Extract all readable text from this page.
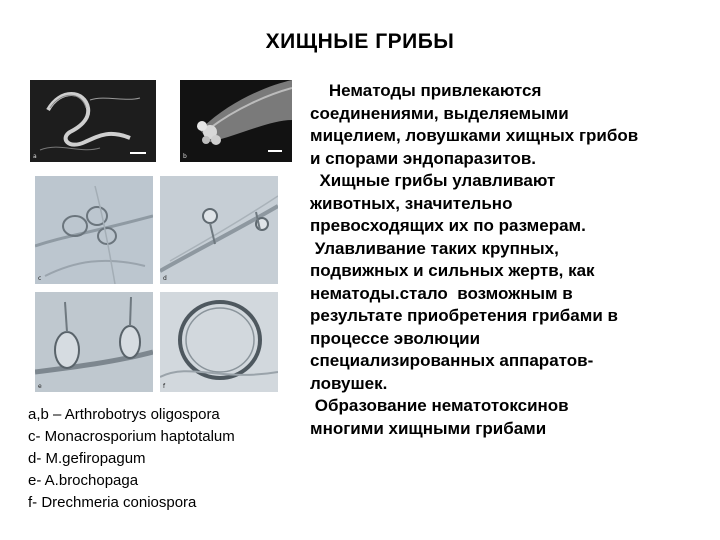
ХИЩНЫЕ ГРИБЫ
a	b
c	d
e	f
a,b – Arthrobotrys oligospora
c- Monacrosporium haptotalum
d- M.gefiropagum
e- A.brochopaga
f- Drechmeria coniospora
Нематоды привлекаются
соединениями, выделяемыми
мицелием, ловушками хищных грибов
и спорами эндопаразитов.
Хищные грибы улавливают
животных, значительно
превосходящих их по размерам.
Улавливание таких крупных,
подвижных и сильных жертв, как
нематоды.стало  возможным в
результате приобретения грибами в
процессе эволюции
специализированных аппаратов-
ловушек.
Образование нематотоксинов
многими хищными грибами
